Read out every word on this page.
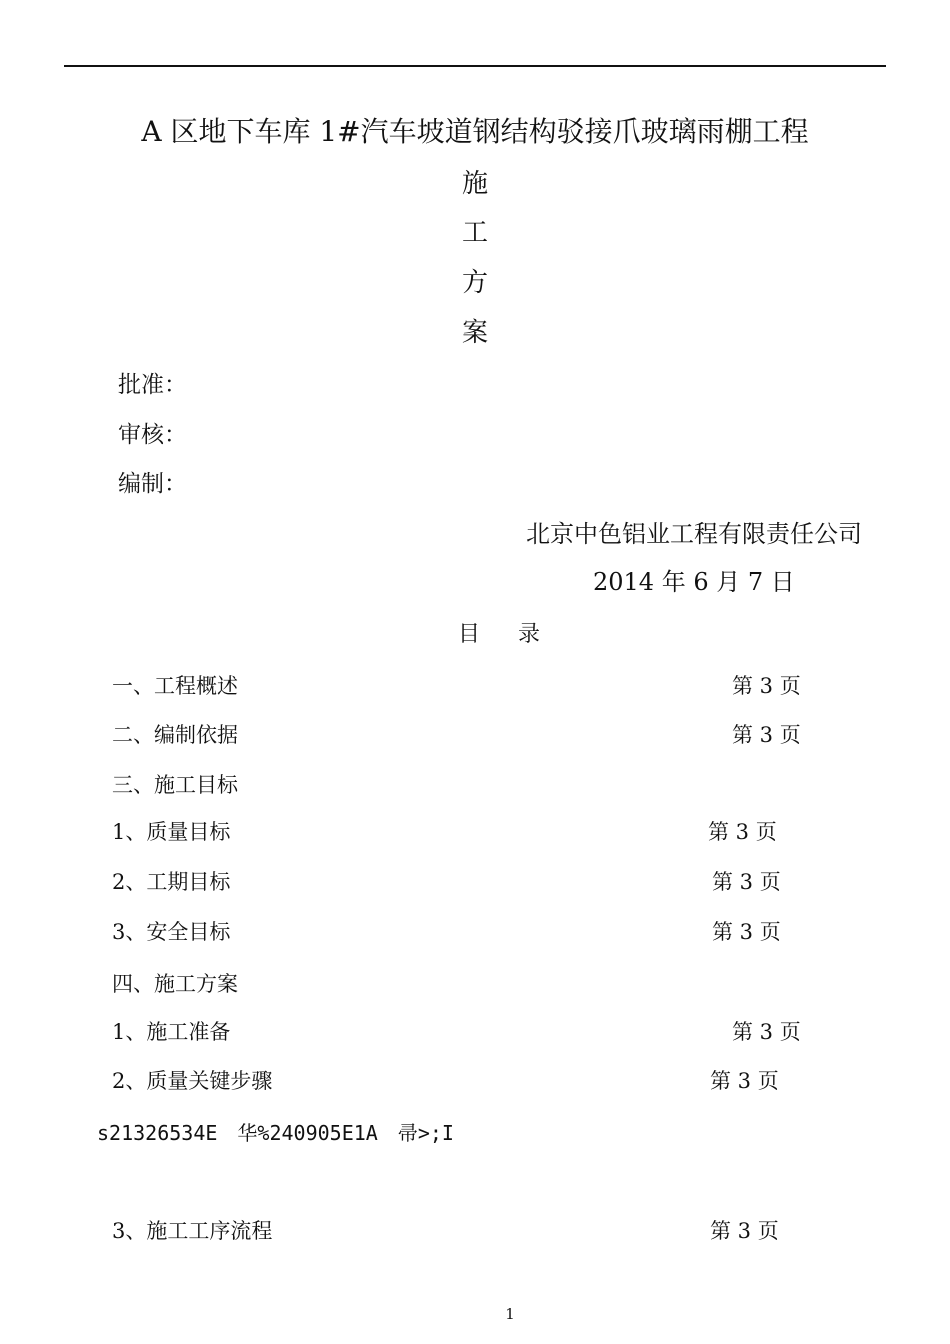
A 区地下车库 1#汽车坡道钢结构驳接爪玻璃雨棚工程
施
工
方
案
批准：
审核：
编制：
北京中色铝业工程有限责任公司
2014 年 6 月 7 日
目 录
一、工程概述	第 3 页
二、编制依据	第 3 页
三、施工目标
1、质量目标	第 3 页
2、工期目标	第 3 页
3、安全目标	第 3 页
四、施工方案
1、施工准备	第 3 页
2、质量关键步骤	第 3 页
s21326534E　华%240905E1A　帚>;I
3、施工工序流程	第 3 页
1
